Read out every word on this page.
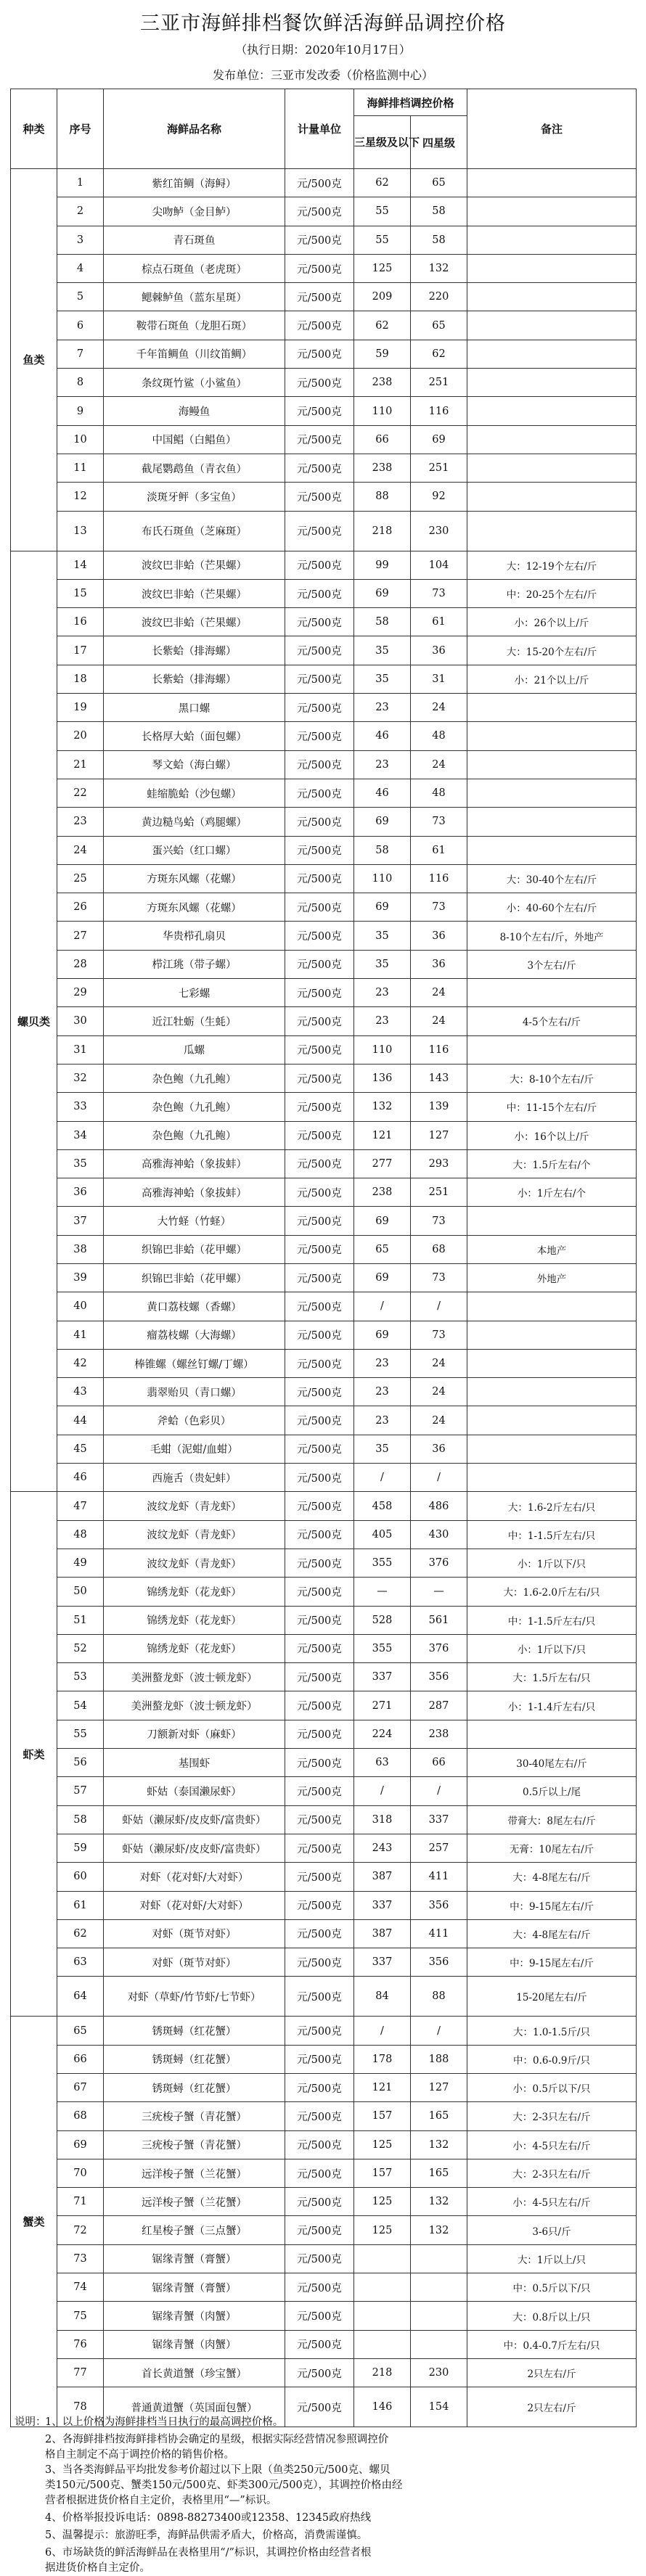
三亚市海鲜排档餐饮鲜活海鲜品调控价格
（执行日期：2020年10月17日）
发布单位：三亚市发改委（价格监测中心）
种类	序号	海鲜品名称	计量单位	海鲜排档调控价格		备注
				三星级及以下	四星级	
鱼类	1	紫红笛鲷（海鲟）	元/500克	62	65	
	2	尖吻鲈（金目鲈）	元/500克	55	58	
	3	青石斑鱼	元/500克	55	58	
	4	棕点石斑鱼（老虎斑）	元/500克	125	132	
	5	鳃棘鲈鱼（蓝东星斑）	元/500克	209	220	
	6	鞍带石斑鱼（龙胆石斑）	元/500克	62	65	
	7	千年笛鲷鱼（川纹笛鲷）	元/500克	59	62	
	8	条纹斑竹鲨（小鲨鱼）	元/500克	238	251	
	9	海鳗鱼	元/500克	110	116	
	10	中国鲳（白鲳鱼）	元/500克	66	69	
	11	截尾鹦鹉鱼（青衣鱼）	元/500克	238	251	
	12	淡斑牙鲆（多宝鱼）	元/500克	88	92	
	13	布氏石斑鱼（芝麻斑）	元/500克	218	230	
螺贝类	14	波纹巴非蛤（芒果螺）	元/500克	99	104	大：12-19个左右/斤
	15	波纹巴非蛤（芒果螺）	元/500克	69	73	中：20-25个左右/斤
	16	波纹巴非蛤（芒果螺）	元/500克	58	61	小：26个以上/斤
	17	长紫蛤（排海螺）	元/500克	35	36	大：15-20个左右/斤
	18	长紫蛤（排海螺）	元/500克	35	31	小：21个以上/斤
	19	黑口螺	元/500克	23	24	
	20	长格厚大蛤（面包螺）	元/500克	46	48	
	21	琴文蛤（海白螺）	元/500克	23	24	
	22	蛙缩脆蛤（沙包螺）	元/500克	46	48	
	23	黄边糙鸟蛤（鸡腿螺）	元/500克	69	73	
	24	蛋兴蛤（红口螺）	元/500克	58	61	
	25	方斑东风螺（花螺）	元/500克	110	116	大：30-40个左右/斤
	26	方斑东风螺（花螺）	元/500克	69	73	小：40-60个左右/斤
	27	华贵栉孔扇贝	元/500克	35	36	8-10个左右/斤，外地产
	28	栉江珧（带子螺）	元/500克	35	36	3个左右/斤
	29	七彩螺	元/500克	23	24	
	30	近江牡蛎（生蚝）	元/500克	23	24	4-5个左右/斤
	31	瓜螺	元/500克	110	116	
	32	杂色鲍（九孔鲍）	元/500克	136	143	大：8-10个左右/斤
	33	杂色鲍（九孔鲍）	元/500克	132	139	中：11-15个左右/斤
	34	杂色鲍（九孔鲍）	元/500克	121	127	小：16个以上/斤
	35	高雅海神蛤（象拔蚌）	元/500克	277	293	大：1.5斤左右/个
	36	高雅海神蛤（象拔蚌）	元/500克	238	251	小：1斤左右/个
	37	大竹蛏（竹蛏）	元/500克	69	73	
	38	织锦巴非蛤（花甲螺）	元/500克	65	68	本地产
	39	织锦巴非蛤（花甲螺）	元/500克	69	73	外地产
	40	黄口荔枝螺（香螺）	元/500克	/	/	
	41	瘤荔枝螺（大海螺）	元/500克	69	73	
	42	棒锥螺（螺丝钉螺/丁螺）	元/500克	23	24	
	43	翡翠贻贝（青口螺）	元/500克	23	24	
	44	斧蛤（色彩贝）	元/500克	23	24	
	45	毛蚶（泥蚶/血蚶）	元/500克	35	36	
	46	西施舌（贵妃蚌）	元/500克	/	/	
虾类	47	波纹龙虾（青龙虾）	元/500克	458	486	大：1.6-2斤左右/只
	48	波纹龙虾（青龙虾）	元/500克	405	430	中：1-1.5斤左右/只
	49	波纹龙虾（青龙虾）	元/500克	355	376	小：1斤以下/只
	50	锦绣龙虾（花龙虾）	元/500克	—	—	大：1.6-2.0斤左右/只
	51	锦绣龙虾（花龙虾）	元/500克	528	561	中：1-1.5斤左右/只
	52	锦绣龙虾（花龙虾）	元/500克	355	376	小：1斤以下/只
	53	美洲螯龙虾（波士顿龙虾）	元/500克	337	356	大：1.5斤左右/只
	54	美洲螯龙虾（波士顿龙虾）	元/500克	271	287	小：1-1.4斤左右/只
	55	刀额新对虾（麻虾）	元/500克	224	238	
	56	基围虾	元/500克	63	66	30-40尾左右/斤
	57	虾姑（泰国濑尿虾）	元/500克	/	/	0.5斤以上/尾
	58	虾姑（濑尿虾/皮皮虾/富贵虾）	元/500克	318	337	带膏大：8尾左右/斤
	59	虾姑（濑尿虾/皮皮虾/富贵虾）	元/500克	243	257	无膏：10尾左右/斤
	60	对虾（花对虾/大对虾）	元/500克	387	411	大：4-8尾左右/斤
	61	对虾（花对虾/大对虾）	元/500克	337	356	中：9-15尾左右/斤
	62	对虾（斑节对虾）	元/500克	387	411	大：4-8尾左右/斤
	63	对虾（斑节对虾）	元/500克	337	356	中：9-15尾左右/斤
	64	对虾（草虾/竹节虾/七节虾）	元/500克	84	88	15-20尾左右/斤
蟹类	65	锈斑蟳（红花蟹）	元/500克	/	/	大：1.0-1.5斤/只
	66	锈斑蟳（红花蟹）	元/500克	178	188	中：0.6-0.9斤/只
	67	锈斑蟳（红花蟹）	元/500克	121	127	小：0.5斤以下/只
	68	三疣梭子蟹（青花蟹）	元/500克	157	165	大：2-3只左右/斤
	69	三疣梭子蟹（青花蟹）	元/500克	125	132	小：4-5只左右/斤
	70	远洋梭子蟹（兰花蟹）	元/500克	157	165	大：2-3只左右/斤
	71	远洋梭子蟹（兰花蟹）	元/500克	125	132	小：4-5只左右/斤
	72	红星梭子蟹（三点蟹）	元/500克	125	132	3-6只/斤
	73	锯缘青蟹（膏蟹）	元/500克			大：1斤以上/只
	74	锯缘青蟹（膏蟹）	元/500克			中：0.5斤以下/只
	75	锯缘青蟹（肉蟹）	元/500克			大：0.8斤以上/只
	76	锯缘青蟹（肉蟹）	元/500克			中：0.4-0.7斤左右/只
	77	首长黄道蟹（珍宝蟹）	元/500克	218	230	2只左右/斤
	78	普通黄道蟹（英国面包蟹）	元/500克	146	154	2只左右/斤
说明：
1、以上价格为海鲜排档当日执行的最高调控价格。
2、各海鲜排档按海鲜排档协会确定的星级，根据实际经营情况参照调控价
格自主制定不高于调控价格的销售价格。
3、当各类海鲜品平均批发参考价超过以下上限（鱼类250元/500克、螺贝
类150元/500克、蟹类150元/500克、虾类300元/500克），其调控价格由经
营者根据进货价格自主定价，表格里用“—”标识。
4、价格举报投诉电话：0898-88273400或12358、12345政府热线
5、温馨提示：旅游旺季，海鲜品供需矛盾大，价格高，消费需谨慎。
6、市场缺货的鲜活海鲜品在表格里用“/”标识，其调控价格由经营者根
据进货价格自主定价。
